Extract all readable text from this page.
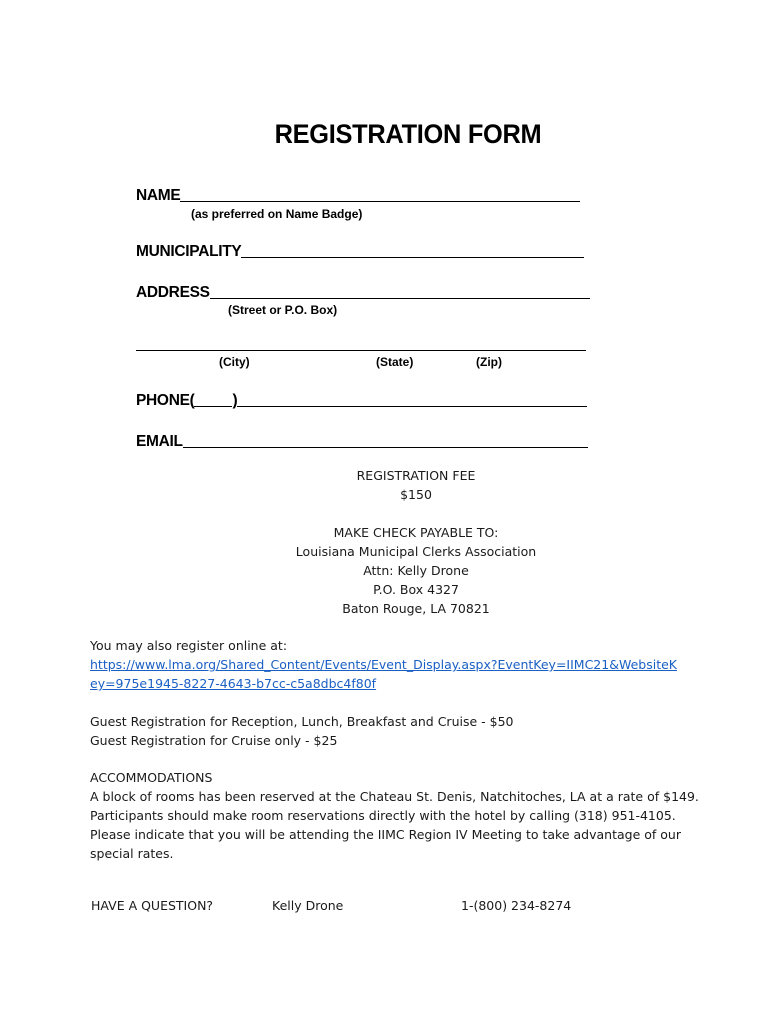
REGISTRATION FORM
NAME
(as preferred on Name Badge)
MUNICIPALITY
ADDRESS
(Street or P.O. Box)
(City)	(State)	(Zip)
PHONE( )
EMAIL
REGISTRATION FEE
$150
MAKE CHECK PAYABLE TO:
Louisiana Municipal Clerks Association
Attn: Kelly Drone
P.O. Box 4327
Baton Rouge, LA 70821
You may also register online at:
https://www.lma.org/Shared_Content/Events/Event_Display.aspx?EventKey=IIMC21&WebsiteK
ey=975e1945-8227-4643-b7cc-c5a8dbc4f80f
Guest Registration for Reception, Lunch, Breakfast and Cruise - $50
Guest Registration for Cruise only - $25
ACCOMMODATIONS
A block of rooms has been reserved at the Chateau St. Denis, Natchitoches, LA at a rate of $149.
Participants should make room reservations directly with the hotel by calling (318) 951-4105.
Please indicate that you will be attending the IIMC Region IV Meeting to take advantage of our
special rates.
HAVE A QUESTION?	Kelly Drone	1-(800) 234-8274
